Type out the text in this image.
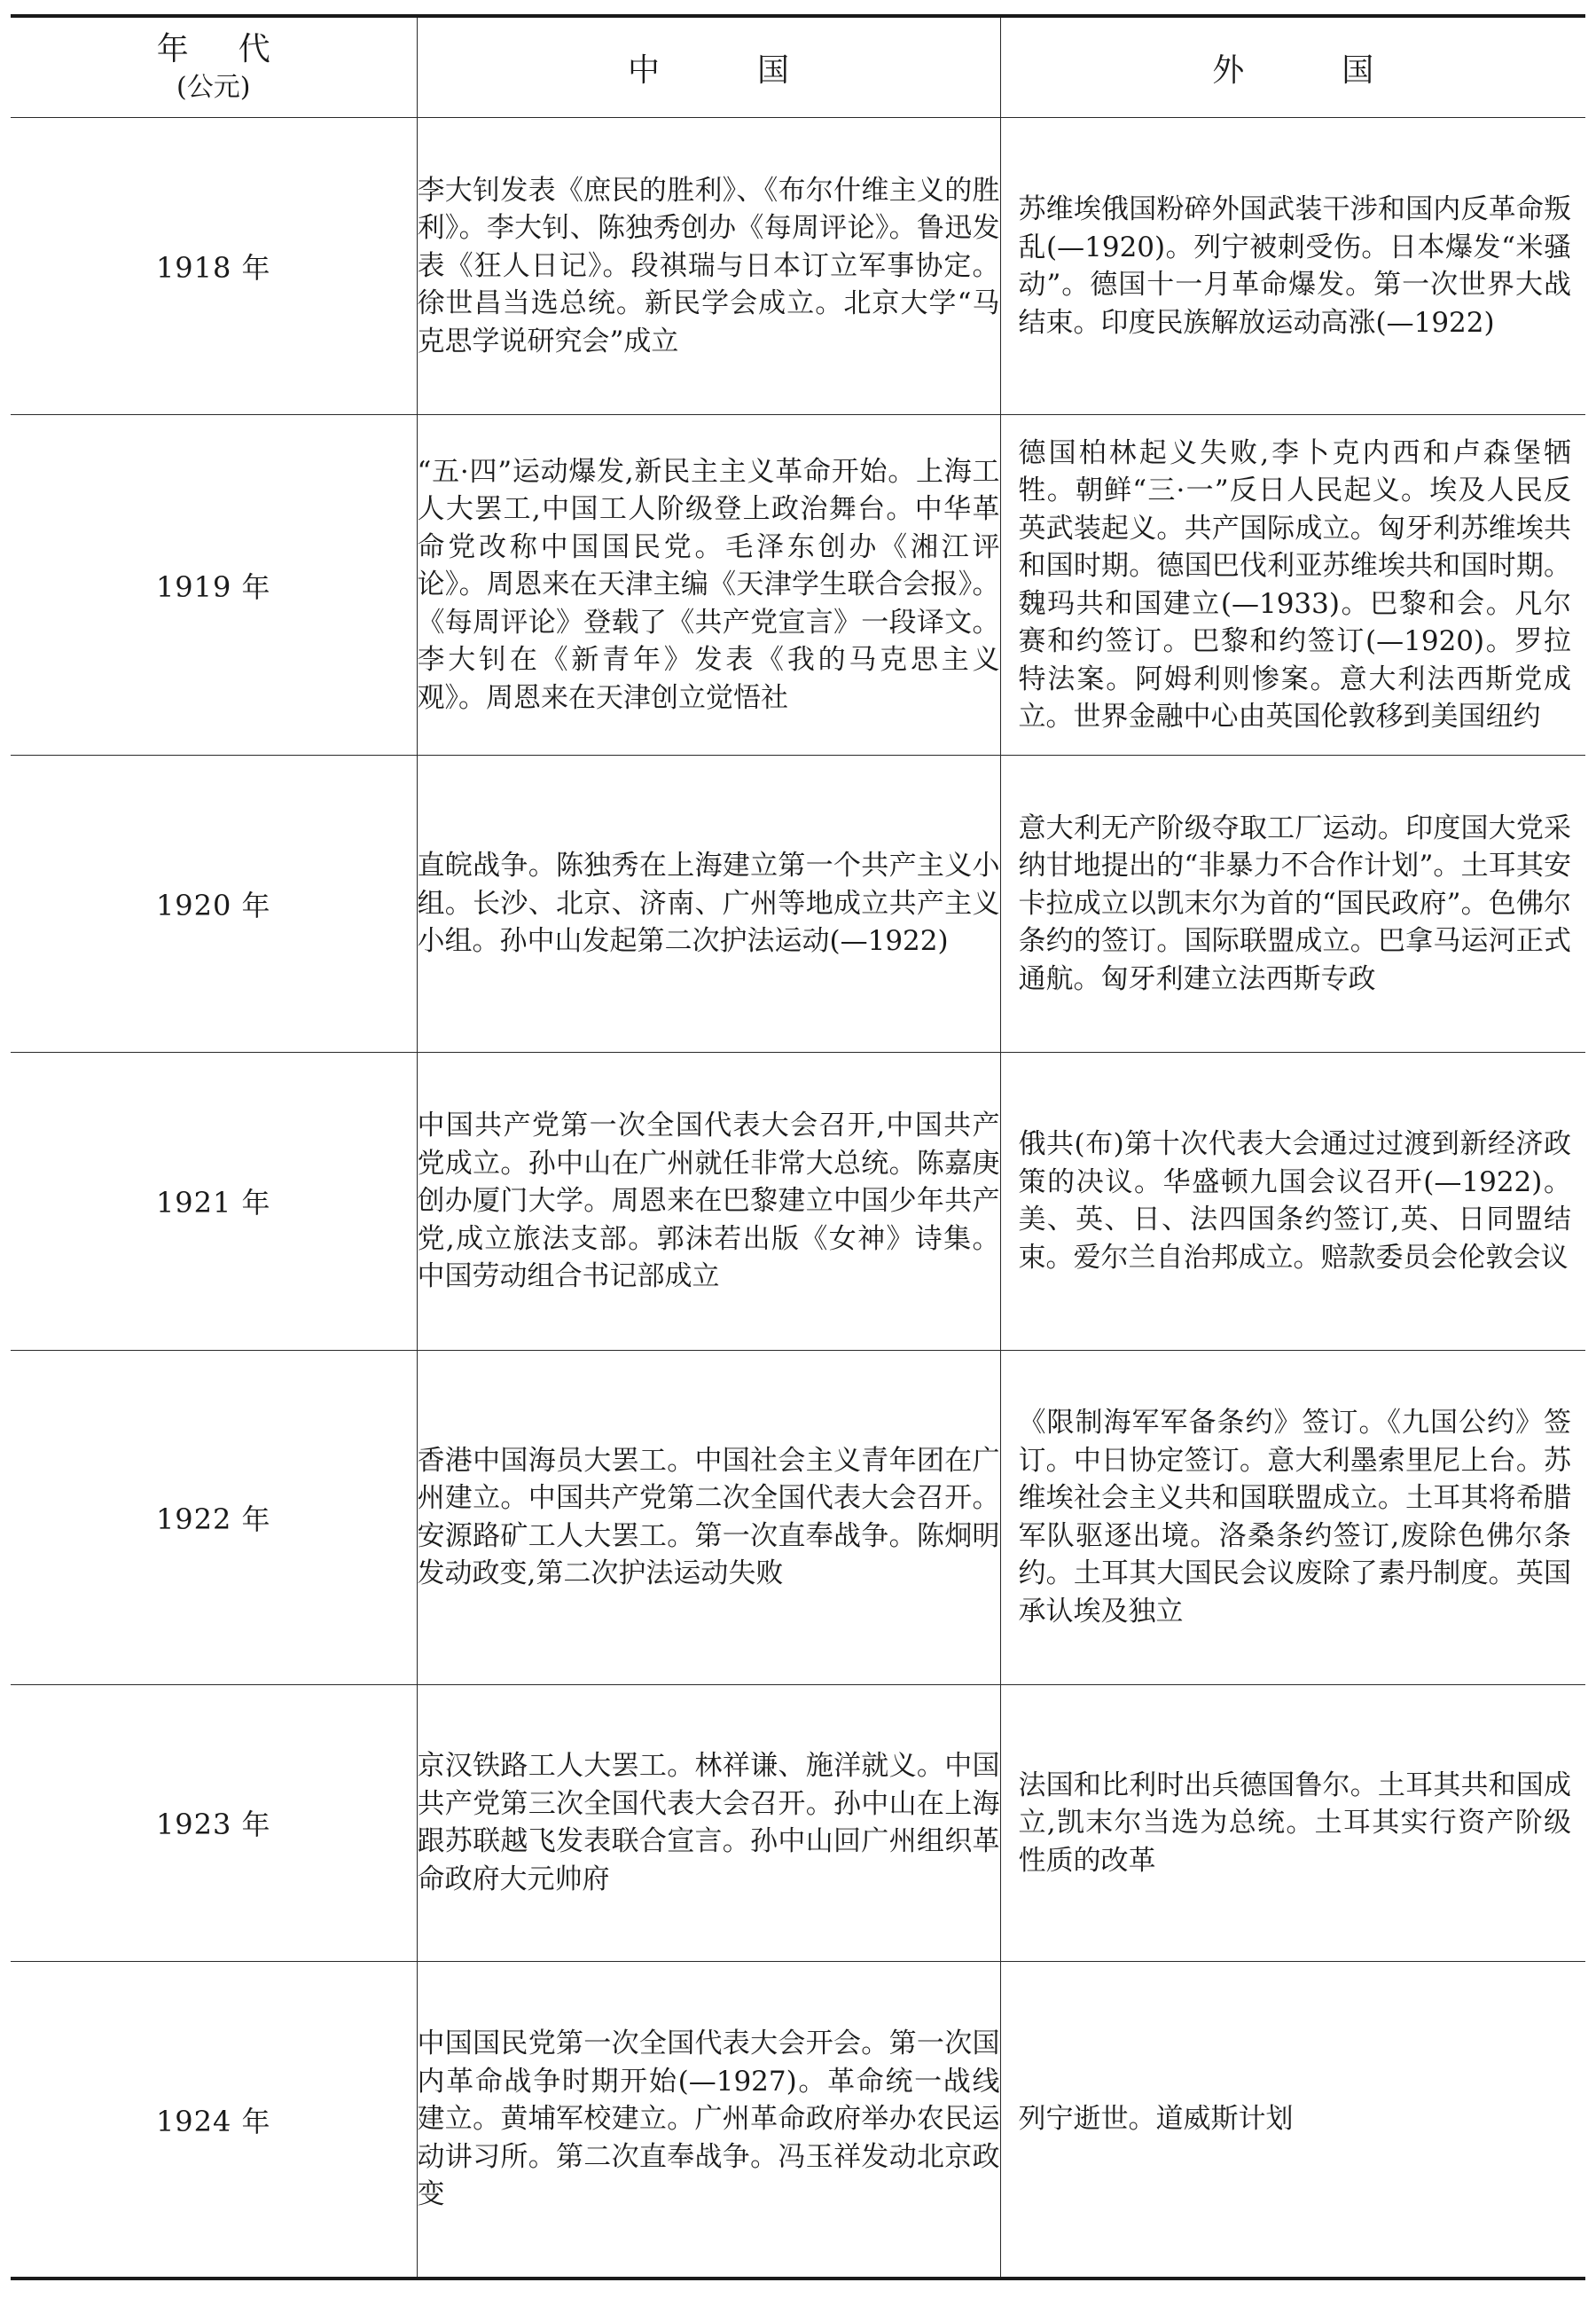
年代
(公元)	中国	外国
1918 年	李大钊发表《庶民的胜利》、《布尔什维主义的胜利》。李大钊、陈独秀创办《每周评论》。鲁迅发表《狂人日记》。段祺瑞与日本订立军事协定。徐世昌当选总统。新民学会成立。北京大学“马克思学说研究会”成立	苏维埃俄国粉碎外国武装干涉和国内反革命叛乱(—1920)。列宁被刺受伤。日本爆发“米骚动”。德国十一月革命爆发。第一次世界大战结束。印度民族解放运动高涨(—1922)
1919 年	“五·四”运动爆发,新民主主义革命开始。上海工人大罢工,中国工人阶级登上政治舞台。中华革命党改称中国国民党。毛泽东创办《湘江评论》。周恩来在天津主编《天津学生联合会报》。《每周评论》登载了《共产党宣言》一段译文。李大钊在《新青年》发表《我的马克思主义观》。周恩来在天津创立觉悟社	德国柏林起义失败,李卜克内西和卢森堡牺牲。朝鲜“三·一”反日人民起义。埃及人民反英武装起义。共产国际成立。匈牙利苏维埃共和国时期。德国巴伐利亚苏维埃共和国时期。魏玛共和国建立(—1933)。巴黎和会。凡尔赛和约签订。巴黎和约签订(—1920)。罗拉特法案。阿姆利则惨案。意大利法西斯党成立。世界金融中心由英国伦敦移到美国纽约
1920 年	直皖战争。陈独秀在上海建立第一个共产主义小组。长沙、北京、济南、广州等地成立共产主义小组。孙中山发起第二次护法运动(—1922)	意大利无产阶级夺取工厂运动。印度国大党采纳甘地提出的“非暴力不合作计划”。土耳其安卡拉成立以凯末尔为首的“国民政府”。色佛尔条约的签订。国际联盟成立。巴拿马运河正式通航。匈牙利建立法西斯专政
1921 年	中国共产党第一次全国代表大会召开,中国共产党成立。孙中山在广州就任非常大总统。陈嘉庚创办厦门大学。周恩来在巴黎建立中国少年共产党,成立旅法支部。郭沫若出版《女神》诗集。中国劳动组合书记部成立	俄共(布)第十次代表大会通过过渡到新经济政策的决议。华盛顿九国会议召开(—1922)。美、英、日、法四国条约签订,英、日同盟结束。爱尔兰自治邦成立。赔款委员会伦敦会议
1922 年	香港中国海员大罢工。中国社会主义青年团在广州建立。中国共产党第二次全国代表大会召开。安源路矿工人大罢工。第一次直奉战争。陈炯明发动政变,第二次护法运动失败	《限制海军军备条约》签订。《九国公约》签订。中日协定签订。意大利墨索里尼上台。苏维埃社会主义共和国联盟成立。土耳其将希腊军队驱逐出境。洛桑条约签订,废除色佛尔条约。土耳其大国民会议废除了素丹制度。英国承认埃及独立
1923 年	京汉铁路工人大罢工。林祥谦、施洋就义。中国共产党第三次全国代表大会召开。孙中山在上海跟苏联越飞发表联合宣言。孙中山回广州组织革命政府大元帅府	法国和比利时出兵德国鲁尔。土耳其共和国成立,凯末尔当选为总统。土耳其实行资产阶级性质的改革
1924 年	中国国民党第一次全国代表大会开会。第一次国内革命战争时期开始(—1927)。革命统一战线建立。黄埔军校建立。广州革命政府举办农民运动讲习所。第二次直奉战争。冯玉祥发动北京政变	列宁逝世。道威斯计划
